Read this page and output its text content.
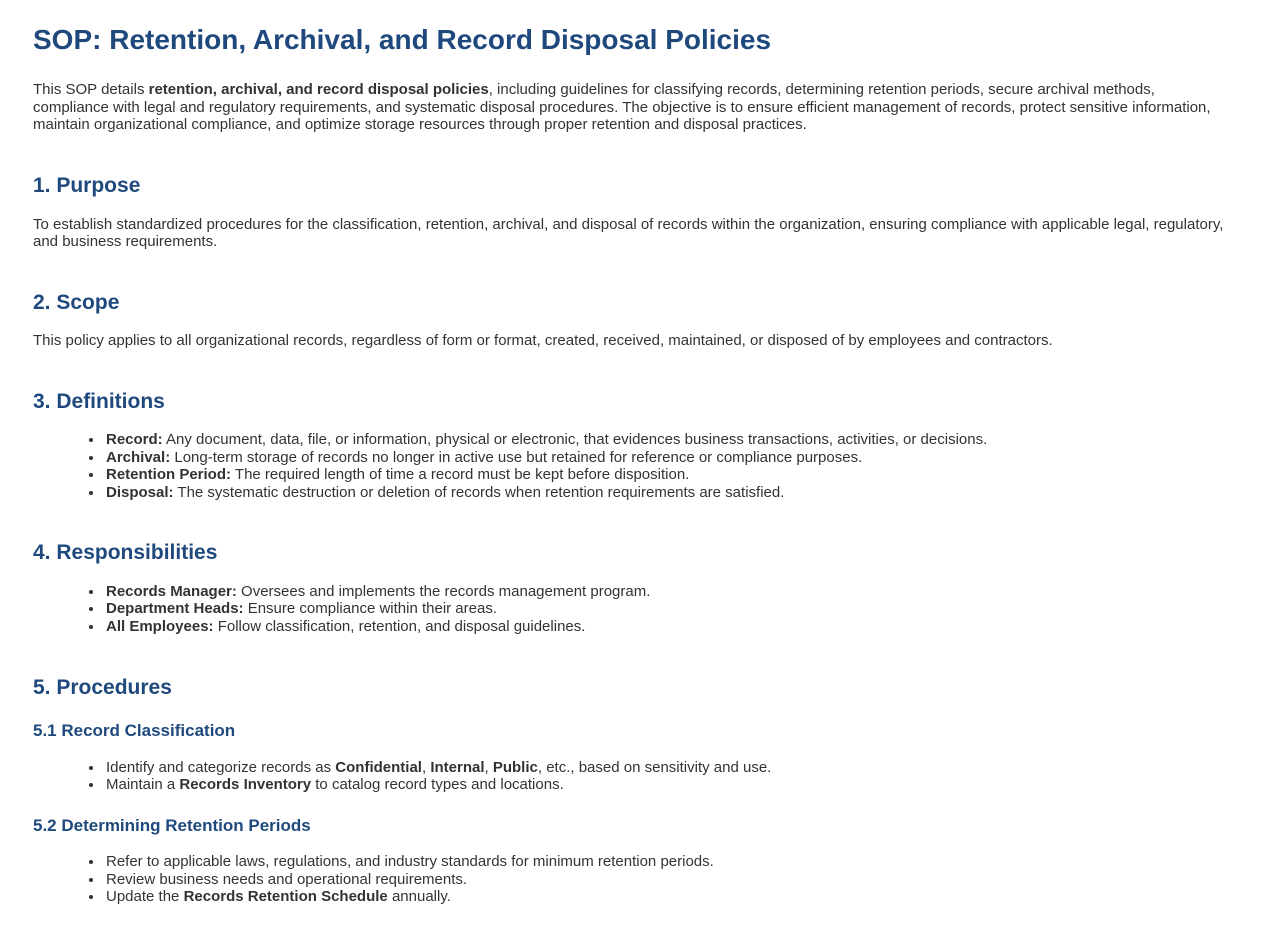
SOP: Retention, Archival, and Record Disposal Policies

This SOP details retention, archival, and record disposal policies, including guidelines for classifying records, determining retention periods, secure archival methods, compliance with legal and regulatory requirements, and systematic disposal procedures. The objective is to ensure efficient management of records, protect sensitive information, maintain organizational compliance, and optimize storage resources through proper retention and disposal practices.

1. Purpose

To establish standardized procedures for the classification, retention, archival, and disposal of records within the organization, ensuring compliance with applicable legal, regulatory, and business requirements.

2. Scope

This policy applies to all organizational records, regardless of form or format, created, received, maintained, or disposed of by employees and contractors.

3. Definitions
• Record: Any document, data, file, or information, physical or electronic, that evidences business transactions, activities, or decisions.
• Archival: Long-term storage of records no longer in active use but retained for reference or compliance purposes.
• Retention Period: The required length of time a record must be kept before disposition.
• Disposal: The systematic destruction or deletion of records when retention requirements are satisfied.
4. Responsibilities
• Records Manager: Oversees and implements the records management program.
• Department Heads: Ensure compliance within their areas.
• All Employees: Follow classification, retention, and disposal guidelines.
5. Procedures
5.1 Record Classification
• Identify and categorize records as Confidential, Internal, Public, etc., based on sensitivity and use.
• Maintain a Records Inventory to catalog record types and locations.
5.2 Determining Retention Periods
• Refer to applicable laws, regulations, and industry standards for minimum retention periods.
• Review business needs and operational requirements.
• Update the Records Retention Schedule annually.
